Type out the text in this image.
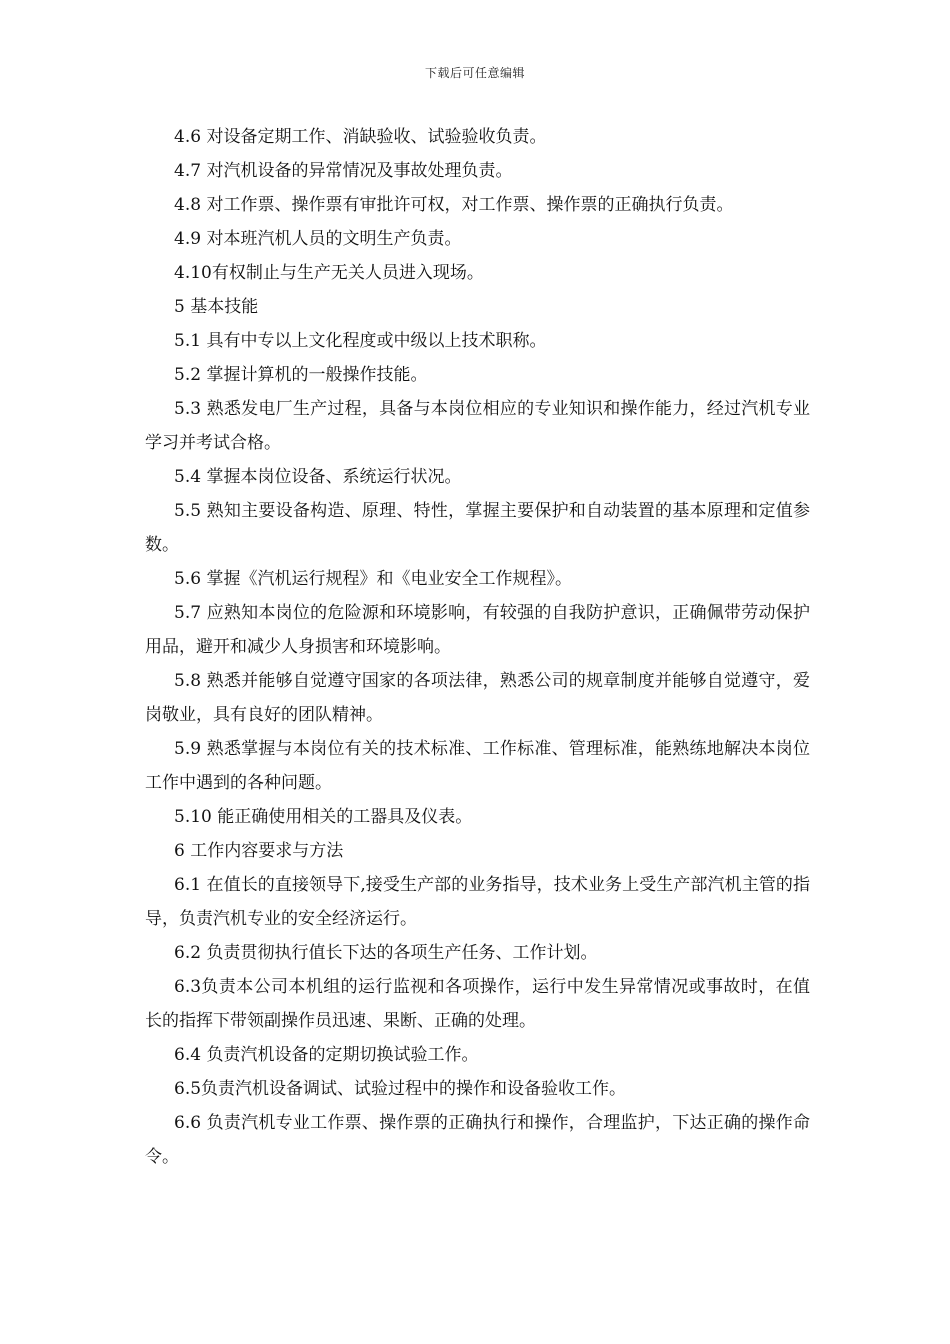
下载后可任意编辑

4.6 对设备定期工作、消缺验收、试验验收负责。

4.7 对汽机设备的异常情况及事故处理负责。

4.8 对工作票、操作票有审批许可权，对工作票、操作票的正确执行负责。

4.9 对本班汽机人员的文明生产负责。

4.10有权制止与生产无关人员进入现场。

5 基本技能

5.1 具有中专以上文化程度或中级以上技术职称。

5.2 掌握计算机的一般操作技能。

5.3 熟悉发电厂生产过程，具备与本岗位相应的专业知识和操作能力，经过汽机专业学习并考试合格。

5.4 掌握本岗位设备、系统运行状况。

5.5 熟知主要设备构造、原理、特性，掌握主要保护和自动装置的基本原理和定值参数。

5.6 掌握《汽机运行规程》和《电业安全工作规程》。

5.7 应熟知本岗位的危险源和环境影响，有较强的自我防护意识，正确佩带劳动保护用品，避开和减少人身损害和环境影响。

5.8 熟悉并能够自觉遵守国家的各项法律，熟悉公司的规章制度并能够自觉遵守，爱岗敬业，具有良好的团队精神。

5.9 熟悉掌握与本岗位有关的技术标准、工作标准、管理标准，能熟练地解决本岗位工作中遇到的各种问题。

5.10 能正确使用相关的工器具及仪表。

6 工作内容要求与方法

6.1 在值长的直接领导下,接受生产部的业务指导，技术业务上受生产部汽机主管的指导，负责汽机专业的安全经济运行。

6.2 负责贯彻执行值长下达的各项生产任务、工作计划。

6.3负责本公司本机组的运行监视和各项操作，运行中发生异常情况或事故时，在值长的指挥下带领副操作员迅速、果断、正确的处理。

6.4 负责汽机设备的定期切换试验工作。

6.5负责汽机设备调试、试验过程中的操作和设备验收工作。

6.6 负责汽机专业工作票、操作票的正确执行和操作，合理监护，下达正确的操作命令。
